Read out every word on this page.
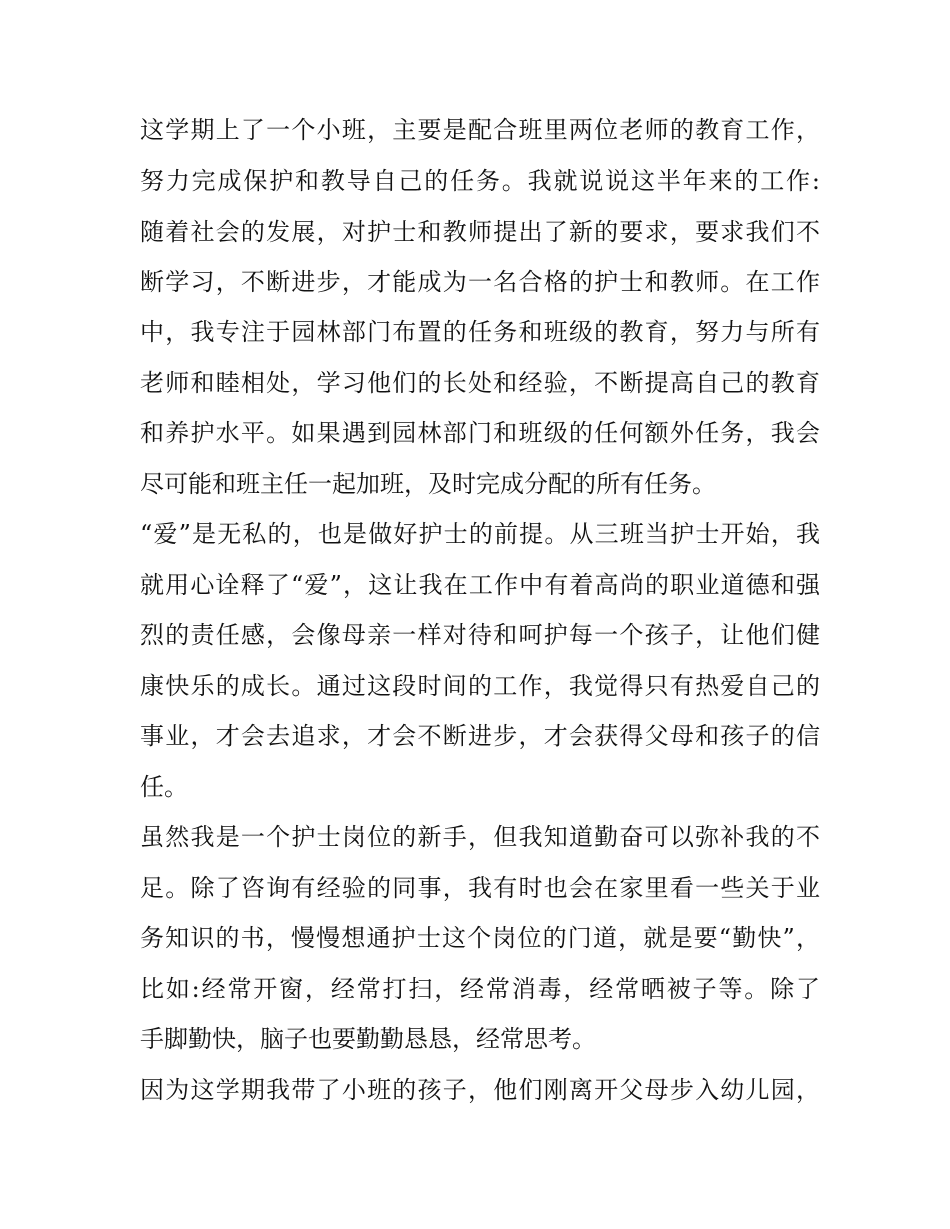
这学期上了一个小班，主要是配合班里两位老师的教育工作，
努力完成保护和教导自己的任务。我就说说这半年来的工作:
随着社会的发展，对护士和教师提出了新的要求，要求我们不
断学习，不断进步，才能成为一名合格的护士和教师。在工作
中，我专注于园林部门布置的任务和班级的教育，努力与所有
老师和睦相处，学习他们的长处和经验，不断提高自己的教育
和养护水平。如果遇到园林部门和班级的任何额外任务，我会
尽可能和班主任一起加班，及时完成分配的所有任务。
“爱”是无私的，也是做好护士的前提。从三班当护士开始，我
就用心诠释了“爱”，这让我在工作中有着高尚的职业道德和强
烈的责任感，会像母亲一样对待和呵护每一个孩子，让他们健
康快乐的成长。通过这段时间的工作，我觉得只有热爱自己的
事业，才会去追求，才会不断进步，才会获得父母和孩子的信
任。
虽然我是一个护士岗位的新手，但我知道勤奋可以弥补我的不
足。除了咨询有经验的同事，我有时也会在家里看一些关于业
务知识的书，慢慢想通护士这个岗位的门道，就是要“勤快”，
比如:经常开窗，经常打扫，经常消毒，经常晒被子等。除了
手脚勤快，脑子也要勤勤恳恳，经常思考。
因为这学期我带了小班的孩子，他们刚离开父母步入幼儿园，
